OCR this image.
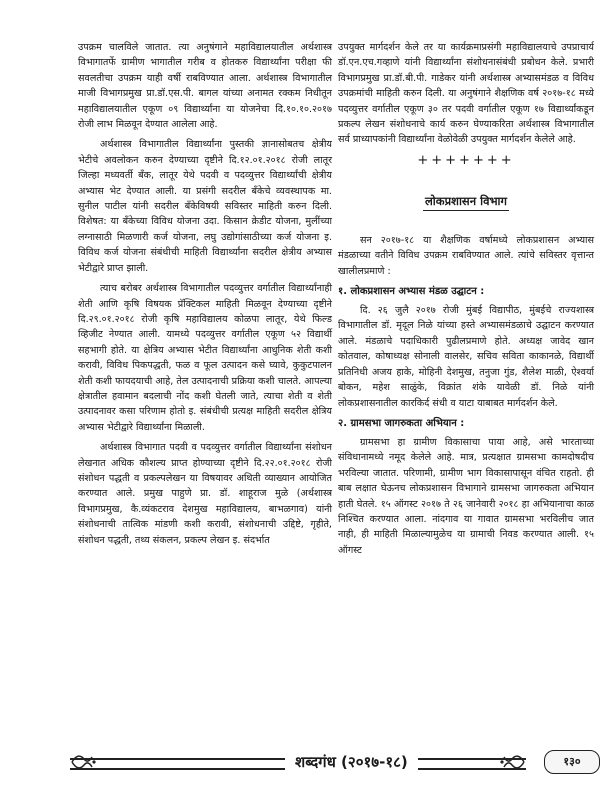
उपक्रम चालविले जातात. त्या अनुषंगाने महाविद्यालयातील अर्थशास्त्र विभागातर्फे ग्रामीण भागातील गरीब व होतकरु विद्यार्थ्यांना परीक्षा फी सवलतीचा उपक्रम याही वर्षी राबविण्यात आला. अर्थशास्त्र विभागातील माजी विभागप्रमुख प्रा.डॉ.एस.पी. बागल यांच्या अनामत रक्कम निधीतून महाविद्यालयातील एकूण ०९ विद्यार्थ्यांना या योजनेचा दि.१०.१०.२०१७ रोजी लाभ मिळवून देण्यात आलेला आहे.

अर्थशास्त्र विभागातील विद्यार्थ्यांना पुस्तकी ज्ञानासोबतच क्षेत्रीय भेटीचे अवलोकन करुन देण्याच्या दृष्टीने दि.१२.०१.२०१८ रोजी लातूर जिल्हा मध्यवर्ती बँक, लातूर येथे पदवी व पदव्युत्तर विद्यार्थ्यांची क्षेत्रीय अभ्यास भेट देण्यात आली. या प्रसंगी सदरील बँकेचे व्यवस्थापक मा. सुनील पाटील यांनी सदरील बँकेविषयी सविस्तर माहिती करुन दिली. विशेषत: या बँकेच्या विविध योजना उदा. किसान क्रेडीट योजना, मुलींच्या लग्नासाठी मिळणारी कर्ज योजना, लघु उद्योगांसाठीच्या कर्ज योजना इ. विविध कर्ज योजना संबंधीची माहिती विद्यार्थ्यांना सदरील क्षेत्रीय अभ्यास भेटीद्वारे प्राप्त झाली.

त्याच बरोबर अर्थशास्त्र विभागातील पदव्युत्तर वर्गातील विद्यार्थ्यांनाही शेती आणि कृषि विषयक प्रॅक्टिकल माहिती मिळवून देण्याच्या दृष्टीने दि.२९.०१.२०१८ रोजी कृषि महाविद्यालय कोळपा लातूर, येथे फिल्ड व्हिजीट नेण्यात आली. यामध्ये पदव्युत्तर वर्गातील एकूण ५२ विद्यार्थी सहभागी होते. या क्षेत्रिय अभ्यास भेटीत विद्यार्थ्यांना आधुनिक शेती कशी करावी, विविध पिकपद्धती, फळ व फूल उत्पादन कसे घ्यावे, कुकुटपालन शेती कशी फायदयाची आहे, तेल उत्पादनाची प्रक्रिया कशी चालते. आपल्या क्षेत्रातील हवामान बदलाची नोंद कशी घेतली जाते, त्याचा शेती व शेती उत्पादनावर कसा परिणाम होतो इ. संबंधीची प्रत्यक्ष माहिती सदरील क्षेत्रिय अभ्यास भेटीद्वारे विद्यार्थ्यांना मिळाली.

अर्थशास्त्र विभागात पदवी व पदव्युत्तर वर्गातील विद्यार्थ्यांना संशोधन लेखनात अधिक कौशल्य प्राप्त होण्याच्या दृष्टीने दि.२२.०१.२०१८ रोजी संशोधन पद्धती व प्रकल्पलेखन या विषयावर अथिती व्याख्यान आयोजित करण्यात आले. प्रमुख पाहुणे प्रा. डॉ. शाहूराज मुळे (अर्थशास्त्र विभागप्रमुख, कै.व्यंकटराव देशमुख महाविद्यालय, बाभळगाव) यांनी संशोधनाची तात्विक मांडणी कशी करावी, संशोधनाची उद्दिष्टे, गृहीते, संशोधन पद्धती, तथ्य संकलन, प्रकल्प लेखन इ. संदर्भात

उपयुक्त मार्गदर्शन केले तर या कार्यक्रमाप्रसंगी महाविद्यालयाचे उपप्राचार्य डॉ.एन.एच.गव्हाणे यांनी विद्यार्थ्यांना संशोधनासंबंधी प्रबोधन केले. प्रभारी विभागप्रमुख प्रा.डॉ.बी.पी. गाडेकर यांनी अर्थशास्त्र अभ्यासमंडळ व विविध उपक्रमांची माहिती करुन दिली. या अनुषंगाने शैक्षणिक वर्ष २०१७-१८ मध्ये पदव्युत्तर वर्गातील एकूण ३० तर पदवी वर्गातील एकूण १७ विद्यार्थ्यांकडून प्रकल्प लेखन संशोधनाचे कार्य करुन घेण्याकरिता अर्थशास्त्र विभागातील सर्व प्राध्यापकांनी विद्यार्थ्यांना वेळोवेळी उपयुक्त मार्गदर्शन केलेले आहे.

+++++++
लोकप्रशासन विभाग

सन २०१७-१८ या शैक्षणिक वर्षामध्ये लोकप्रशासन अभ्यास मंडळाच्या वतीने विविध उपक्रम राबविण्यात आले. त्यांचे सविस्तर वृत्तान्त खालीलप्रमाणे :

१. लोकप्रशासन अभ्यास मंडळ उद्घाटन :

दि. २६ जुलै २०१७ रोजी मुंबई विद्यापीठ, मुंबईचे राज्यशास्त्र विभागातील डॉ. मृदूल निळे यांच्या हस्ते अभ्यासमंडळाचे उद्घाटन करण्यात आले. मंडळाचे पदाधिकारी पुढीलप्रमाणे होते. अध्यक्ष जावेद खान कोतवाल, कोषाध्यक्ष सोनाली वालसेर, सचिव सविता काकानळे, विद्यार्थी प्रतिनिधी अजय हाके, मोहिनी देशमुख, तनुजा गुंड, शैलेश माळी, ऐश्वर्या बोकन, महेश साळुंके, विक्रांत शंके यावेळी डॉ. निळे यांनी लोकप्रशासनातील कारकिर्द संधी व याटा याबाबत मार्गदर्शन केले.

२. ग्रामसभा जागरुकता अभियान :

ग्रामसभा हा ग्रामीण विकासाचा पाया आहे, असे भारताच्या संविधानामध्ये नमूद केलेले आहे. मात्र, प्रत्यक्षात ग्रामसभा कामदोषदीच भरविल्या जातात. परिणामी, ग्रामीण भाग विकासापासून वंचित राहतो. ही बाब लक्षात घेऊनच लोकप्रशासन विभागाने ग्रामसभा जागरुकता अभियान हाती घेतले. १५ ऑगस्ट २०१७ ते २६ जानेवारी २०१८ हा अभियानाचा काळ निश्चित करण्यात आला. नांदगाव या गावात ग्रामसभा भरविलीच जात नाही, ही माहिती मिळाल्यामुळेच या ग्रामाची निवड करण्यात आली. १५ ऑगस्ट

शब्दगंध (२०१७-१८)	१३०
